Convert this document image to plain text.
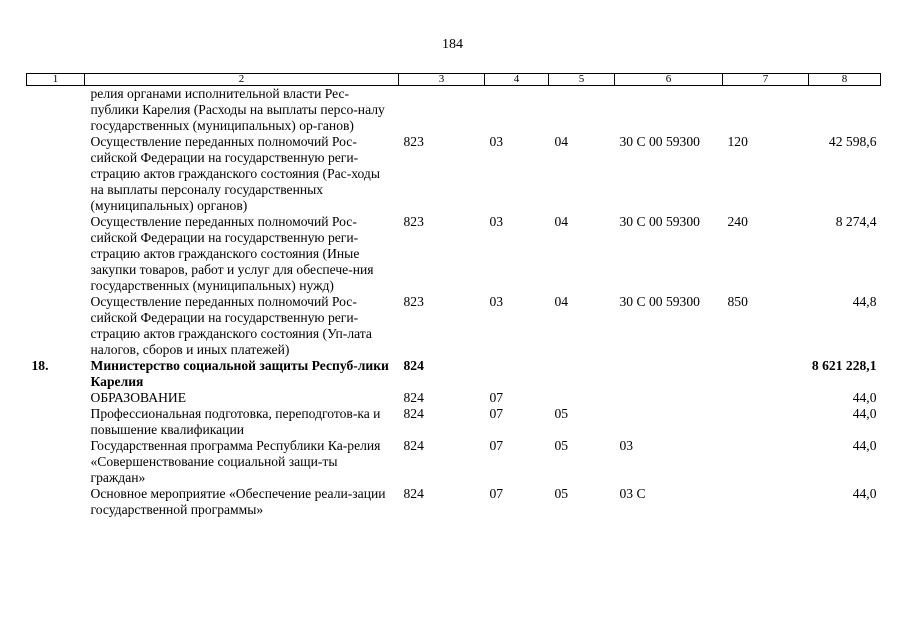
184
1	2	3	4	5	6	7	8
	релия органами исполнительной власти Рес-публики Карелия (Расходы на выплаты персо-налу государственных (муниципальных) ор-ганов)						
	Осуществление переданных полномочий Рос-сийской Федерации на государственную реги-страцию актов гражданского состояния (Рас-ходы на выплаты персоналу государственных (муниципальных) органов)	823	03	04	30 С 00 59300	120	42 598,6
	Осуществление переданных полномочий Рос-сийской Федерации на государственную реги-страцию актов гражданского состояния (Иные закупки товаров, работ и услуг для обеспече-ния государственных (муниципальных) нужд)	823	03	04	30 С 00 59300	240	8 274,4
	Осуществление переданных полномочий Рос-сийской Федерации на государственную реги-страцию актов гражданского состояния (Уп-лата налогов, сборов и иных платежей)	823	03	04	30 С 00 59300	850	44,8
18.	Министерство социальной защиты Респуб-лики Карелия	824					8 621 228,1
	ОБРАЗОВАНИЕ	824	07				44,0
	Профессиональная подготовка, переподготов-ка и повышение квалификации	824	07	05			44,0
	Государственная программа Республики Ка-релия «Совершенствование социальной защи-ты граждан»	824	07	05	03		44,0
	Основное мероприятие «Обеспечение реали-зации государственной программы»	824	07	05	03 С		44,0
